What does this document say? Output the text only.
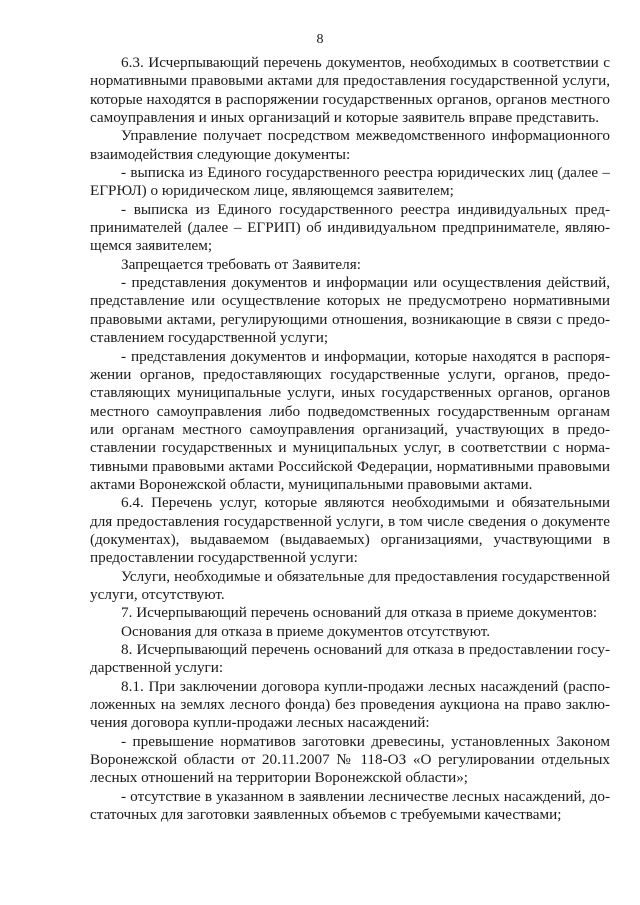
8

6.3. Исчерпывающий перечень документов, необходимых в соответствии с нормативными правовыми актами для предоставления государственной услуги, которые находятся в распоряжении государственных органов, органов местного самоуправления и иных организаций и которые заявитель вправе представить.

Управление получает посредством межведомственного информационного взаимодействия следующие документы:

- выписка из Единого государственного реестра юридических лиц (далее – ЕГРЮЛ) о юридическом лице, являющемся заявителем;

- выписка из Единого государственного реестра индивидуальных предпринимателей (далее – ЕГРИП) об индивидуальном предпринимателе, являющемся заявителем;

Запрещается требовать от Заявителя:

- представления документов и информации или осуществления действий, представление или осуществление которых не предусмотрено нормативными правовыми актами, регулирующими отношения, возникающие в связи с предоставлением государственной услуги;

- представления документов и информации, которые находятся в распоряжении органов, предоставляющих государственные услуги, органов, предоставляющих муниципальные услуги, иных государственных органов, органов местного самоуправления либо подведомственных государственным органам или органам местного самоуправления организаций, участвующих в предоставлении государственных и муниципальных услуг, в соответствии с нормативными правовыми актами Российской Федерации, нормативными правовыми актами Воронежской области, муниципальными правовыми актами.

6.4. Перечень услуг, которые являются необходимыми и обязательными для предоставления государственной услуги, в том числе сведения о документе (документах), выдаваемом (выдаваемых) организациями, участвующими в предоставлении государственной услуги:

Услуги, необходимые и обязательные для предоставления государственной услуги, отсутствуют.

7. Исчерпывающий перечень оснований для отказа в приеме документов:

Основания для отказа в приеме документов отсутствуют.

8. Исчерпывающий перечень оснований для отказа в предоставлении государственной услуги:

8.1. При заключении договора купли-продажи лесных насаждений (расположенных на землях лесного фонда) без проведения аукциона на право заключения договора купли-продажи лесных насаждений:

- превышение нормативов заготовки древесины, установленных Законом Воронежской области от 20.11.2007 № 118-ОЗ «О регулировании отдельных лесных отношений на территории Воронежской области»;

- отсутствие в указанном в заявлении лесничестве лесных насаждений, достаточных для заготовки заявленных объемов с требуемыми качествами;
